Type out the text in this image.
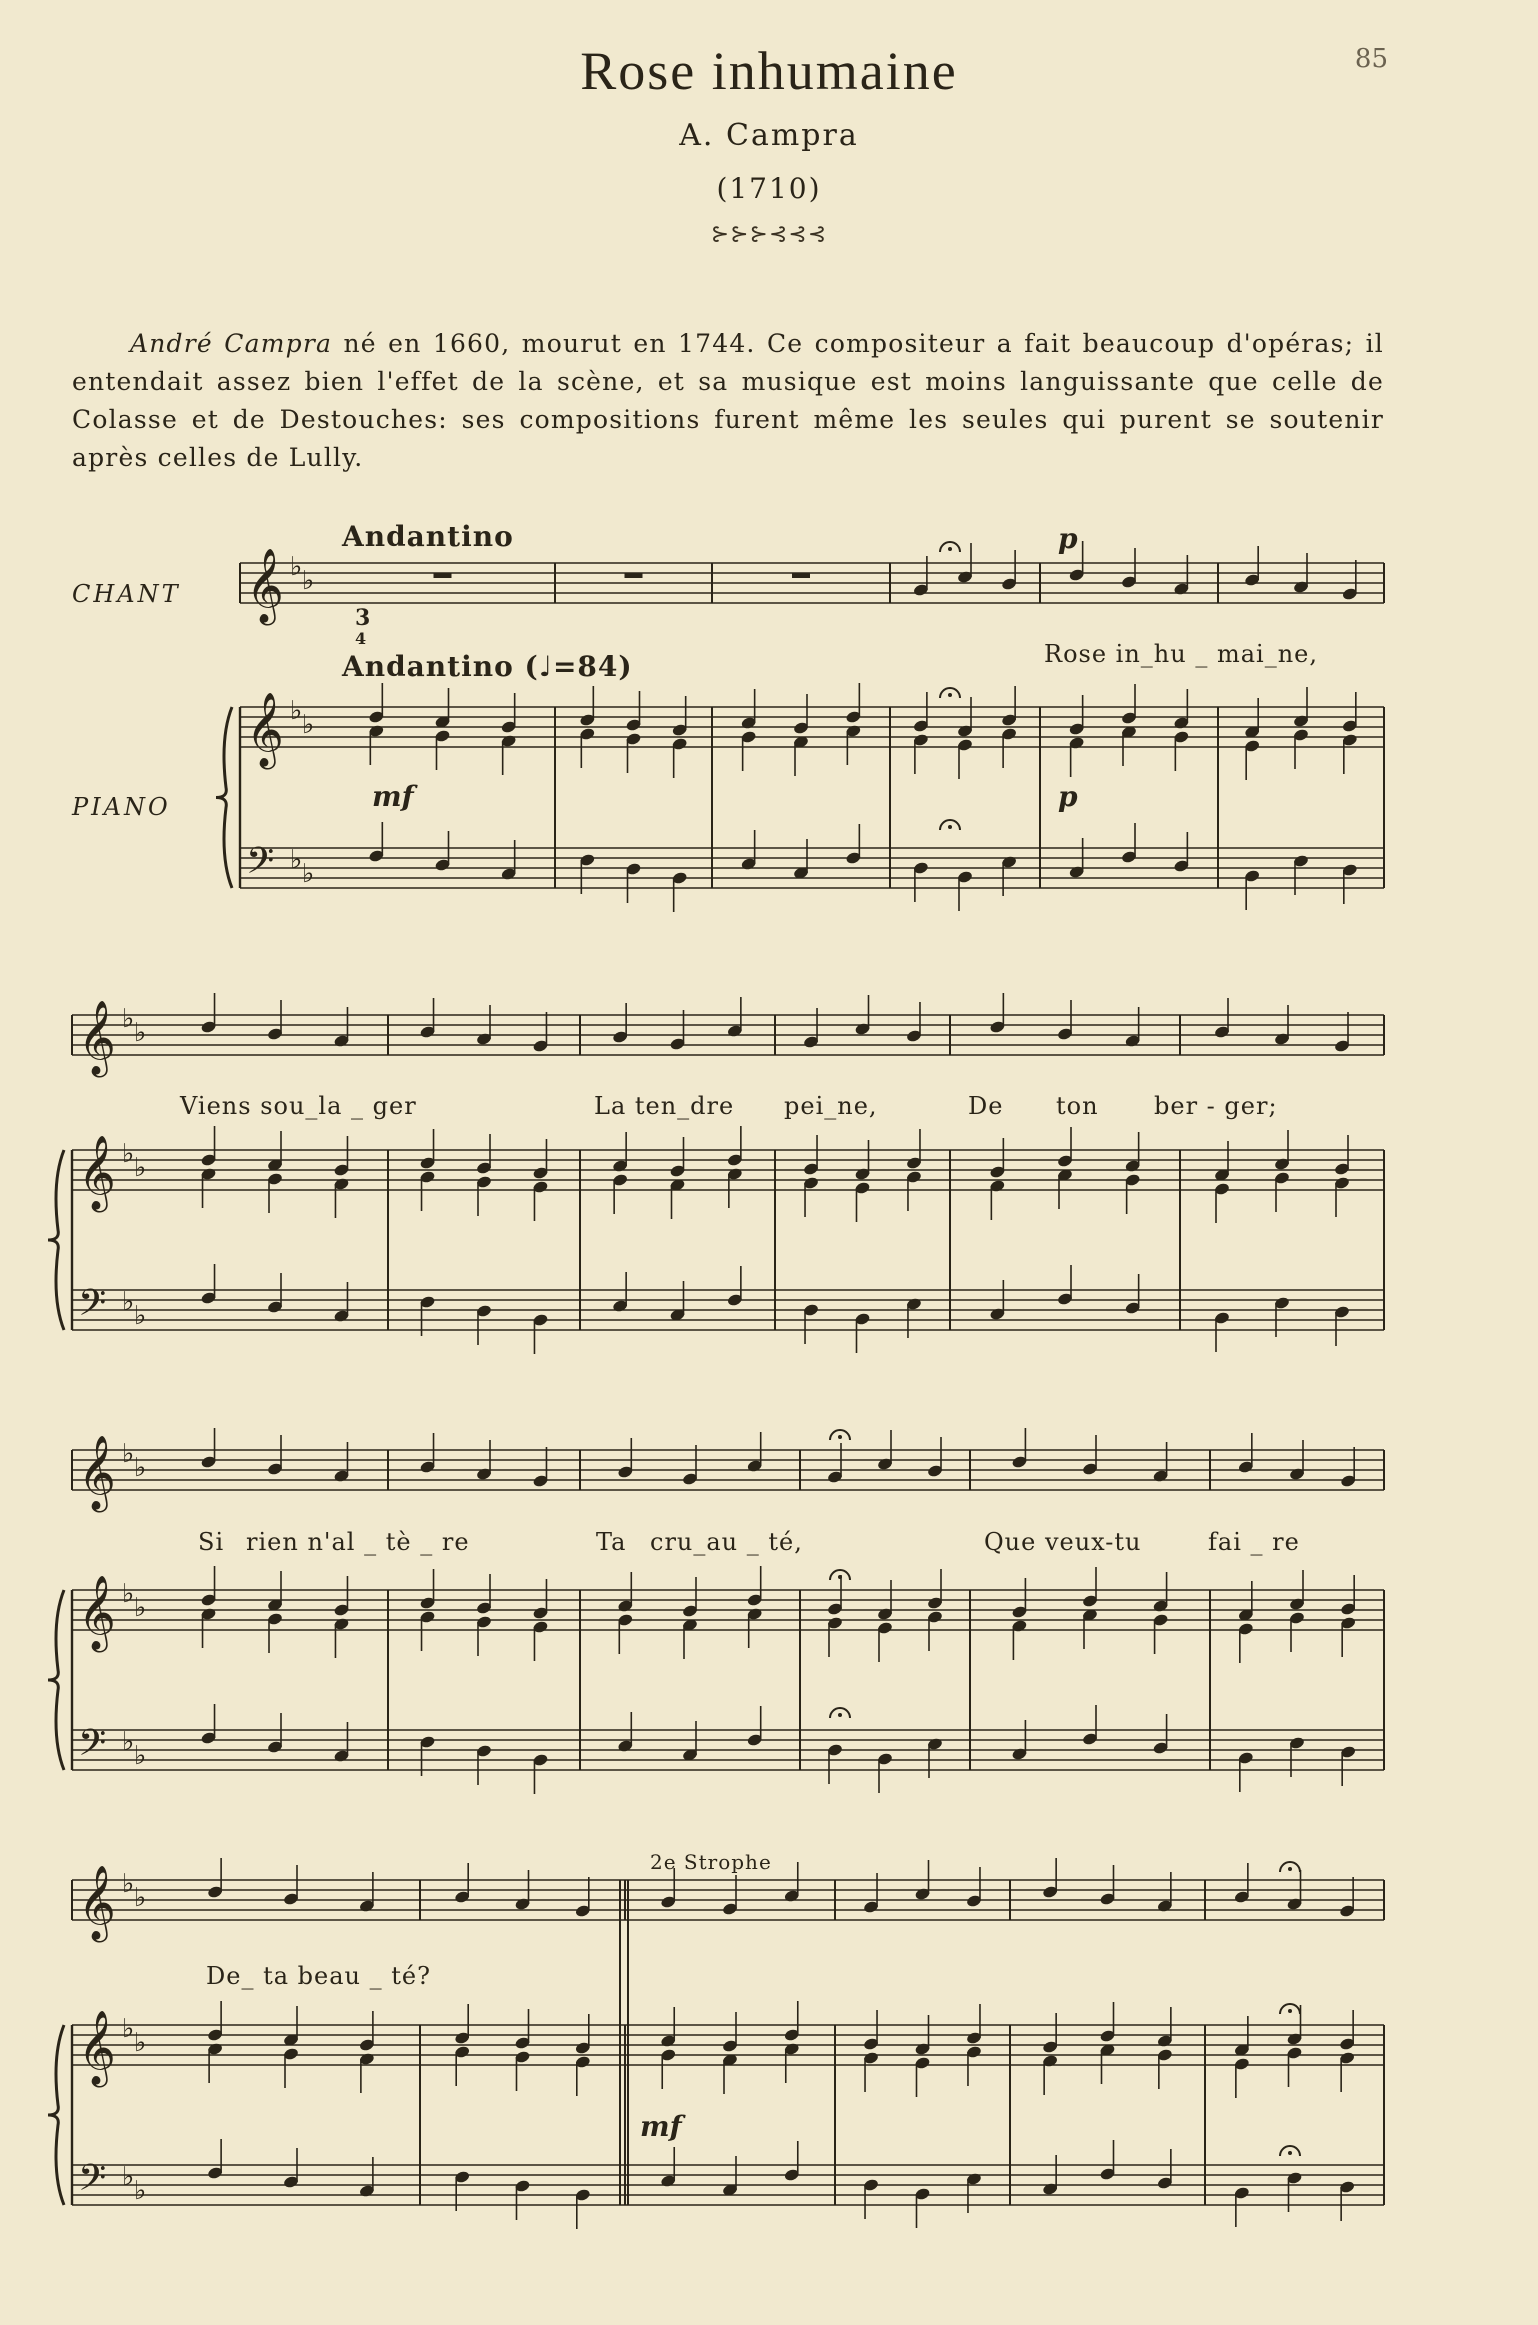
85
Rose inhumaine
A. Campra
(1710)
⊱⊱⊱⊰⊰⊰

André Campra né en 1660, mourut en 1744. Ce compositeur a fait beaucoup d'opéras; il entendait assez bien l'effet de la scène, et sa musique est moins languissante que celle de Colasse et de Destouches: ses compositions furent même les seules qui purent se soutenir après celles de Lully.

Andantino
Andantino (♩=84)
CHANT
PIANO
2e Strophe
p
mf	p
mf
Rose in_hu _ mai_ne,
Viens sou_la _ ger	La ten_dre pei_ne,	De ton ber - ger;
Si rien n'al _ tè _ re	Ta cru_au _ té,	Que veux-tu	fai _ re
De_ ta beau _ té?
𝄞
𝄞
𝄢
♭ ♭
♭ ♭
♭ ♭
𝄞
𝄞
𝄢
♭ ♭
♭ ♭
♭ ♭
𝄞
𝄞
𝄢
♭ ♭
♭ ♭
♭ ♭
𝄞
𝄞
𝄢
♭ ♭
♭ ♭
♭ ♭
3
4
